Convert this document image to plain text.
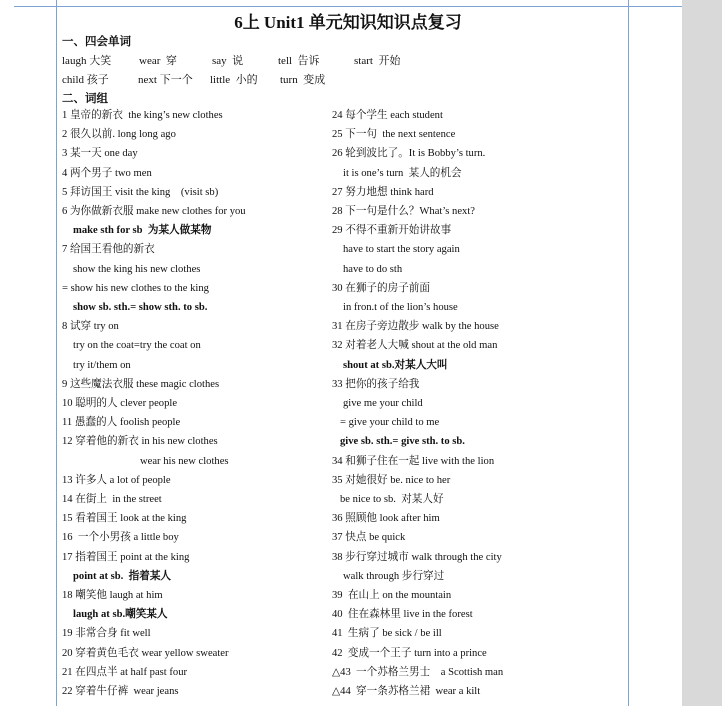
6上 Unit1 单元知识知识点复习
一、四会单词
laugh 大笑	wear  穿	say  说	tell  告诉	start  开始
child 孩子	next 下一个 little  小的 turn  变成
二、词组
1 皇帝的新衣  the king’s new clothes
2 很久以前. long long ago
3 某一天 one day
4 两个男子 two men
5 拜访国王 visit the king    (visit sb)
6 为你做新衣服 make new clothes for you
make sth for sb  为某人做某物
7 给国王看他的新衣
show the king his new clothes
= show his new clothes to the king
show sb. sth.= show sth. to sb.
8 试穿 try on
try on the coat=try the coat on
try it/them on
9 这些魔法衣服 these magic clothes
10 聪明的人 clever people
11 愚蠢的人 foolish people
12 穿着他的新衣 in his new clothes
wear his new clothes
13 许多人 a lot of people
14 在街上  in the street
15 看着国王 look at the king
16  一个小男孩 a little boy
17 指着国王 point at the king
point at sb.  指着某人
18 嘲笑他 laugh at him
laugh at sb.嘲笑某人
19 非常合身 fit well
20 穿着黄色毛衣 wear yellow sweater
21 在四点半 at half past four
22 穿着牛仔裤  wear jeans
24 每个学生 each student
25 下一句  the next sentence
26 轮到波比了。It is Bobby’s turn.
it is one’s turn  某人的机会
27 努力地想 think hard
28 下一句是什么？What’s next?
29 不得不重新开始讲故事
have to start the story again
have to do sth
30 在狮子的房子前面
in fron.t of the lion’s house
31 在房子旁边散步 walk by the house
32 对着老人大喊 shout at the old man
shout at sb.对某人大叫
33 把你的孩子给我
give me your child
= give your child to me
give sb. sth.= give sth. to sb.
34 和狮子住在一起 live with the lion
35 对她很好 be. nice to her
be nice to sb.  对某人好
36 照顾他 look after him
37 快点 be quick
38 步行穿过城市 walk through the city
walk through 步行穿过
39  在山上 on the mountain
40  住在森林里 live in the forest
41  生病了 be sick / be ill
42  变成一个王子 turn into a prince
△43  一个苏格兰男士    a Scottish man
△44  穿一条苏格兰裙  wear a kilt
